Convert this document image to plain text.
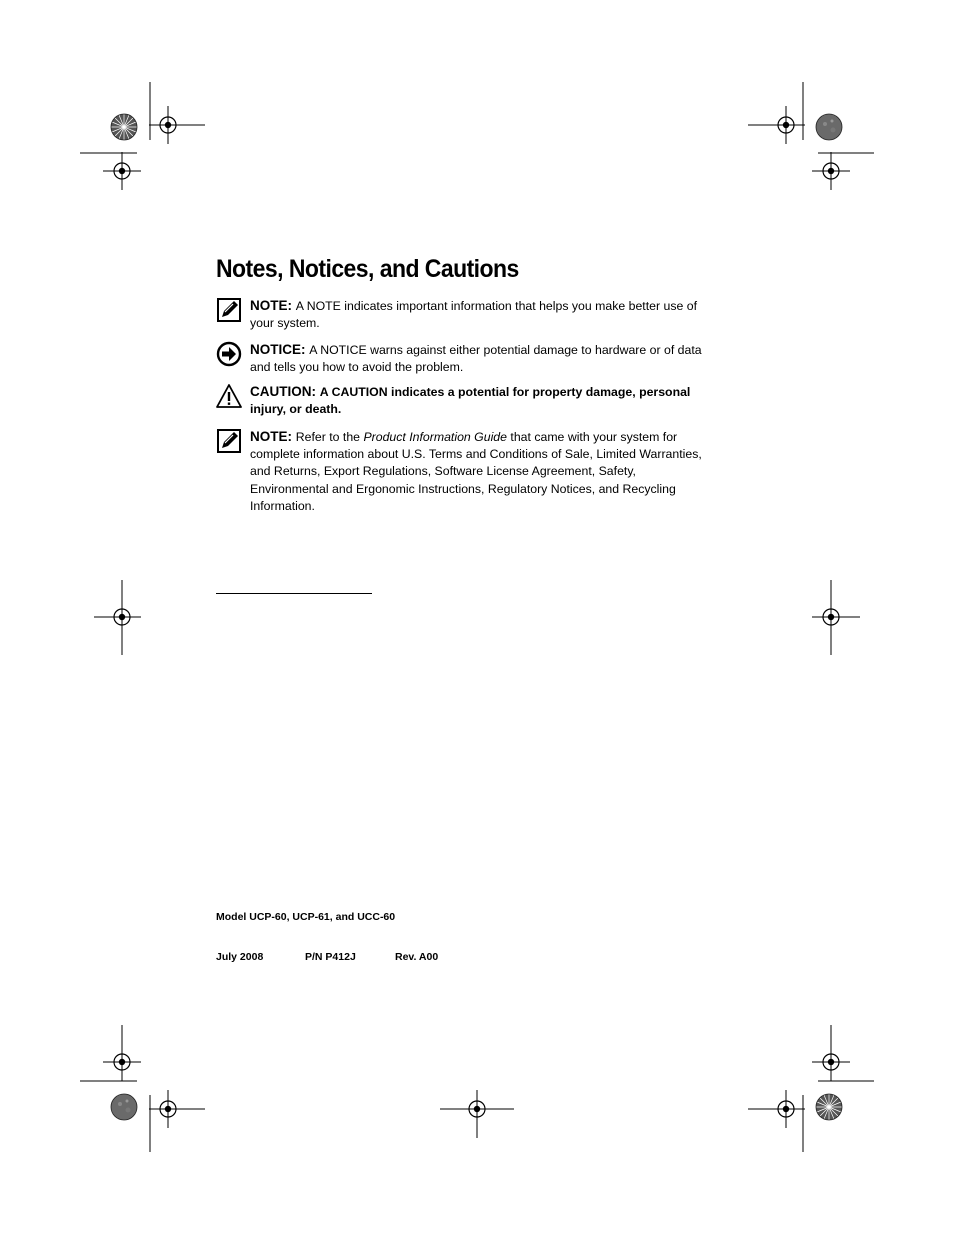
Notes, Notices, and Cautions
NOTE: A NOTE indicates important information that helps you make better use of your system.
NOTICE: A NOTICE warns against either potential damage to hardware or of data and tells you how to avoid the problem.
CAUTION: A CAUTION indicates a potential for property damage, personal injury, or death.
NOTE: Refer to the Product Information Guide that came with your system for complete information about U.S. Terms and Conditions of Sale, Limited Warranties, and Returns, Export Regulations, Software License Agreement, Safety, Environmental and Ergonomic Instructions, Regulatory Notices, and Recycling Information.
Model UCP-60, UCP-61, and UCC-60
July 2008	P/N P412J	Rev. A00
